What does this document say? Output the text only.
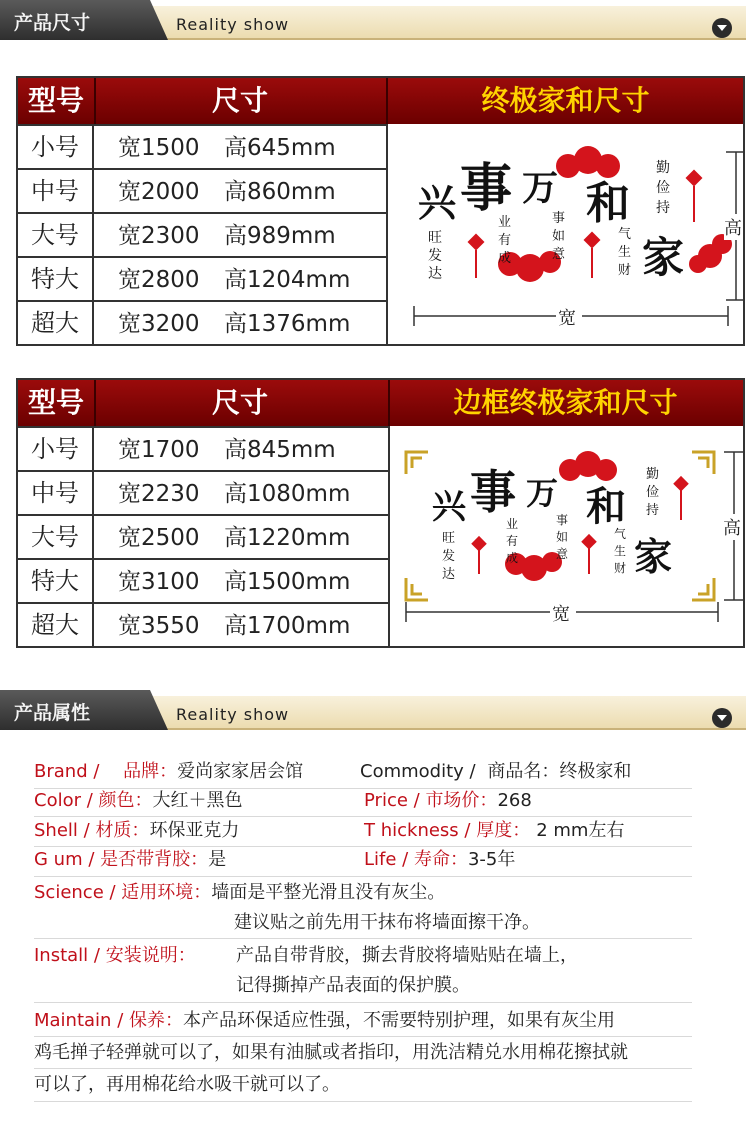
产品尺寸	Reality show
型号	尺寸	终极家和尺寸
小号	宽1500 高645mm
中号	宽2000 高860mm
大号	宽2300 高989mm
特大	宽2800 高1204mm
超大	宽3200 高1376mm
兴 事 万 和
家
旺
发
达
业
有
成
事
如
意
气
生
财
勤
俭
持
宽
高
型号	尺寸	边框终极家和尺寸
小号	宽1700 高845mm
中号	宽2230 高1080mm
大号	宽2500 高1220mm
特大	宽3100 高1500mm
超大	宽3550 高1700mm
兴 事 万 和
家
旺
发
达
业
有
成
事
如
意
气
生
财
勤
俭
持
宽
高
产品属性	Reality show
Brand / 品牌：爱尚家家居会馆	Commodity / 商品名：终极家和
Color / 颜色：大红＋黑色	Price / 市场价：268
Shell / 材质：环保亚克力	T hickness / 厚度： 2 mm左右
G um / 是否带背胶：是	Life / 寿命：3-5年
Science / 适用环境：墙面是平整光滑且没有灰尘。
建议贴之前先用干抹布将墙面擦干净。
Install / 安装说明： 产品自带背胶，撕去背胶将墙贴贴在墙上，
记得撕掉产品表面的保护膜。
Maintain / 保养：本产品环保适应性强，不需要特别护理，如果有灰尘用
鸡毛掸子轻弹就可以了，如果有油腻或者指印，用洗洁精兑水用棉花擦拭就
可以了，再用棉花给水吸干就可以了。
